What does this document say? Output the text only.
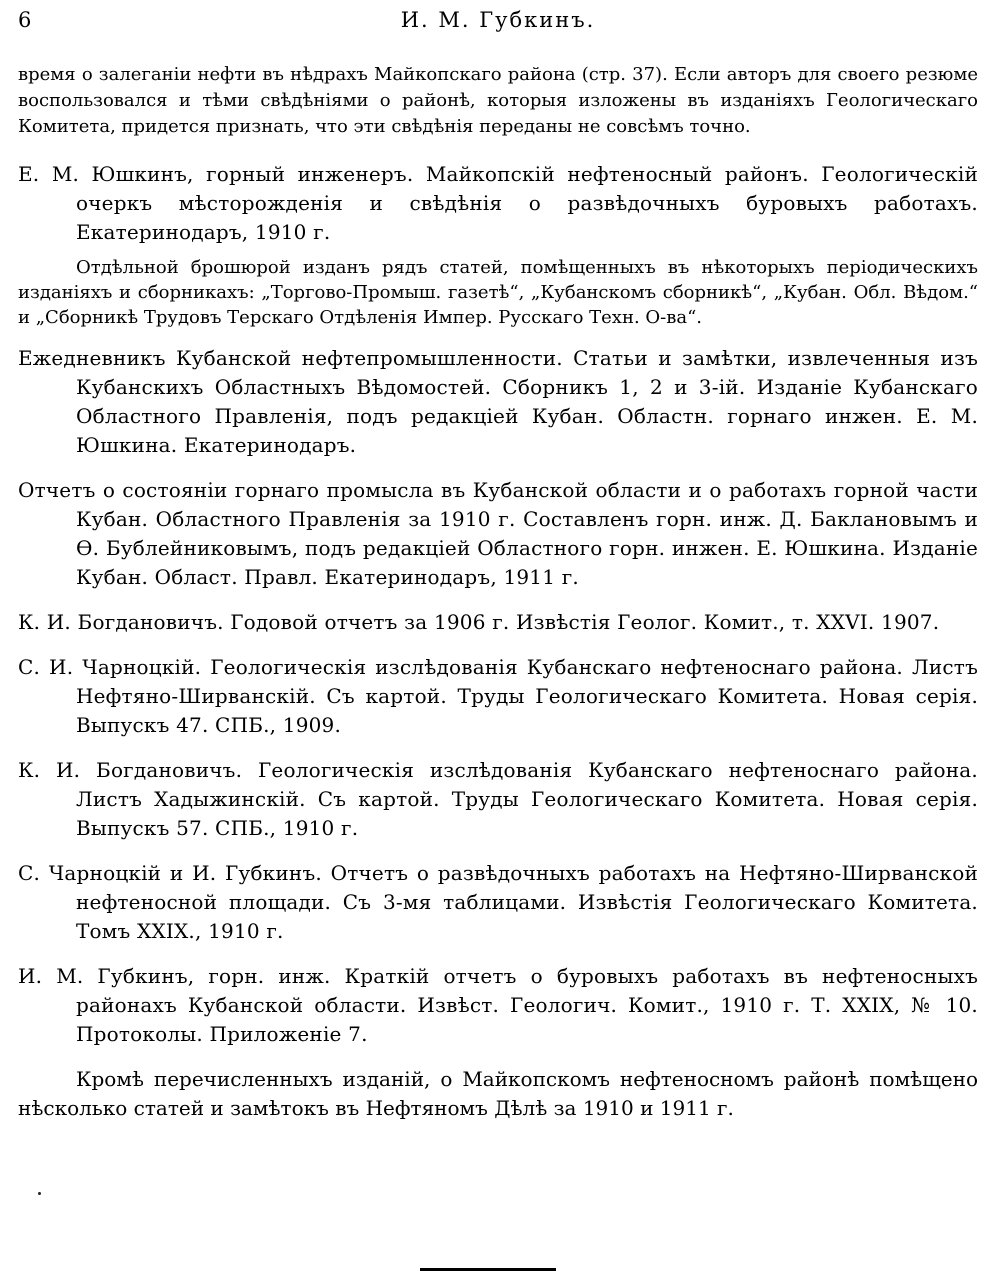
6	И. М. Губкинъ.

время о залеганіи нефти въ нѣдрахъ Майкопскаго района (стр. 37). Если авторъ для своего резюме воспользовался и тѣми свѣдѣніями о районѣ, которыя изложены въ изданіяхъ Геологическаго Комитета, придется признать, что эти свѣдѣнія переданы не совсѣмъ точно.

Е. М. Юшкинъ, горный инженеръ. Майкопскій нефтеносный районъ. Геологическій очеркъ мѣсторожденія и свѣдѣнія о развѣдочныхъ буровыхъ работахъ. Екатеринодаръ, 1910 г.

Отдѣльной брошюрой изданъ рядъ статей, помѣщенныхъ въ нѣкоторыхъ періодическихъ изданіяхъ и сборникахъ: „Торгово-Промыш. газетѣ“, „Кубанскомъ сборникѣ“, „Кубан. Обл. Вѣдом.“ и „Сборникѣ Трудовъ Терскаго Отдѣленія Импер. Русскаго Техн. О-ва“.

Ежедневникъ Кубанской нефтепромышленности. Статьи и замѣтки, извлеченныя изъ Кубанскихъ Областныхъ Вѣдомостей. Сборникъ 1, 2 и 3-ій. Изданіе Кубанскаго Областного Правленія, подъ редакціей Кубан. Областн. горнаго инжен. Е. М. Юшкина. Екатеринодаръ.

Отчетъ о состояніи горнаго промысла въ Кубанской области и о работахъ горной части Кубан. Областного Правленія за 1910 г. Составленъ горн. инж. Д. Баклановымъ и Ѳ. Бублейниковымъ, подъ редакціей Областного горн. инжен. Е. Юшкина. Изданіе Кубан. Област. Правл. Екатеринодаръ, 1911 г.

К. И. Богдановичъ. Годовой отчетъ за 1906 г. Извѣстія Геолог. Комит., т. XXVI. 1907.

С. И. Чарноцкій. Геологическія изслѣдованія Кубанскаго нефтеноснаго района. Листъ Нефтяно-Ширванскій. Съ картой. Труды Геологическаго Комитета. Новая серія. Выпускъ 47. СПБ., 1909.

К. И. Богдановичъ. Геологическія изслѣдованія Кубанскаго нефтеноснаго района. Листъ Хадыжинскій. Съ картой. Труды Геологическаго Комитета. Новая серія. Выпускъ 57. СПБ., 1910 г.

С. Чарноцкій и И. Губкинъ. Отчетъ о развѣдочныхъ работахъ на Нефтяно-Ширванской нефтеносной площади. Съ 3-мя таблицами. Извѣстія Геологическаго Комитета. Томъ XXIX., 1910 г.

И. М. Губкинъ, горн. инж. Краткій отчетъ о буровыхъ работахъ въ нефтеносныхъ районахъ Кубанской области. Извѣст. Геологич. Комит., 1910 г. Т. XXIX, № 10. Протоколы. Приложеніе 7.

Кромѣ перечисленныхъ изданій, о Майкопскомъ нефтеносномъ районѣ помѣщено нѣсколько статей и замѣтокъ въ Нефтяномъ Дѣлѣ за 1910 и 1911 г.
